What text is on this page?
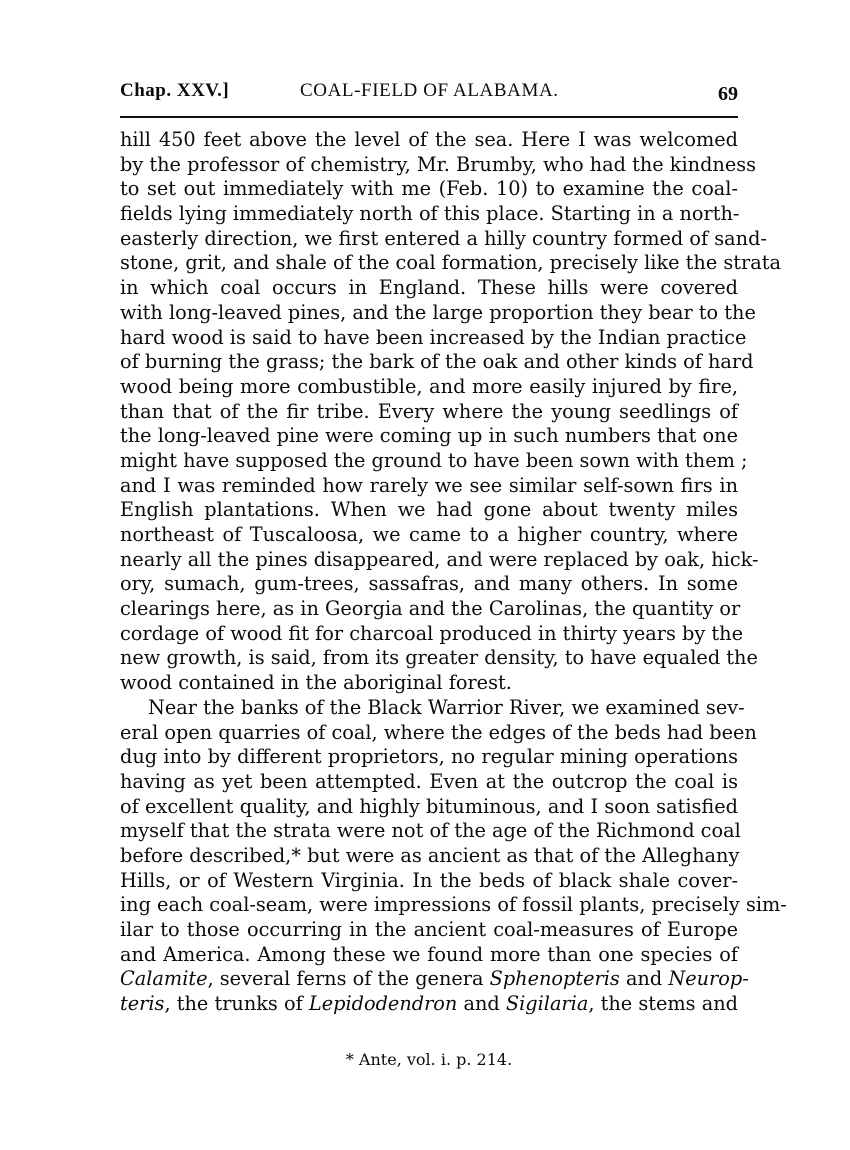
Chap. XXV.]	COAL-FIELD OF ALABAMA.	69
hill 450 feet above the level of the sea. Here I was welcomed
by the professor of chemistry, Mr. Brumby, who had the kindness
to set out immediately with me (Feb. 10) to examine the coal-
fields lying immediately north of this place. Starting in a north-
easterly direction, we first entered a hilly country formed of sand-
stone, grit, and shale of the coal formation, precisely like the strata
in which coal occurs in England. These hills were covered
with long-leaved pines, and the large proportion they bear to the
hard wood is said to have been increased by the Indian practice
of burning the grass; the bark of the oak and other kinds of hard
wood being more combustible, and more easily injured by fire,
than that of the fir tribe. Every where the young seedlings of
the long-leaved pine were coming up in such numbers that one
might have supposed the ground to have been sown with them ;
and I was reminded how rarely we see similar self-sown firs in
English plantations. When we had gone about twenty miles
northeast of Tuscaloosa, we came to a higher country, where
nearly all the pines disappeared, and were replaced by oak, hick-
ory, sumach, gum-trees, sassafras, and many others. In some
clearings here, as in Georgia and the Carolinas, the quantity or
cordage of wood fit for charcoal produced in thirty years by the
new growth, is said, from its greater density, to have equaled the
wood contained in the aboriginal forest.
Near the banks of the Black Warrior River, we examined sev-
eral open quarries of coal, where the edges of the beds had been
dug into by different proprietors, no regular mining operations
having as yet been attempted. Even at the outcrop the coal is
of excellent quality, and highly bituminous, and I soon satisfied
myself that the strata were not of the age of the Richmond coal
before described,* but were as ancient as that of the Alleghany
Hills, or of Western Virginia. In the beds of black shale cover-
ing each coal-seam, were impressions of fossil plants, precisely sim-
ilar to those occurring in the ancient coal-measures of Europe
and America. Among these we found more than one species of
Calamite, several ferns of the genera Sphenopteris and Neurop-
teris, the trunks of Lepidodendron and Sigilaria, the stems and
* Ante, vol. i. p. 214.
